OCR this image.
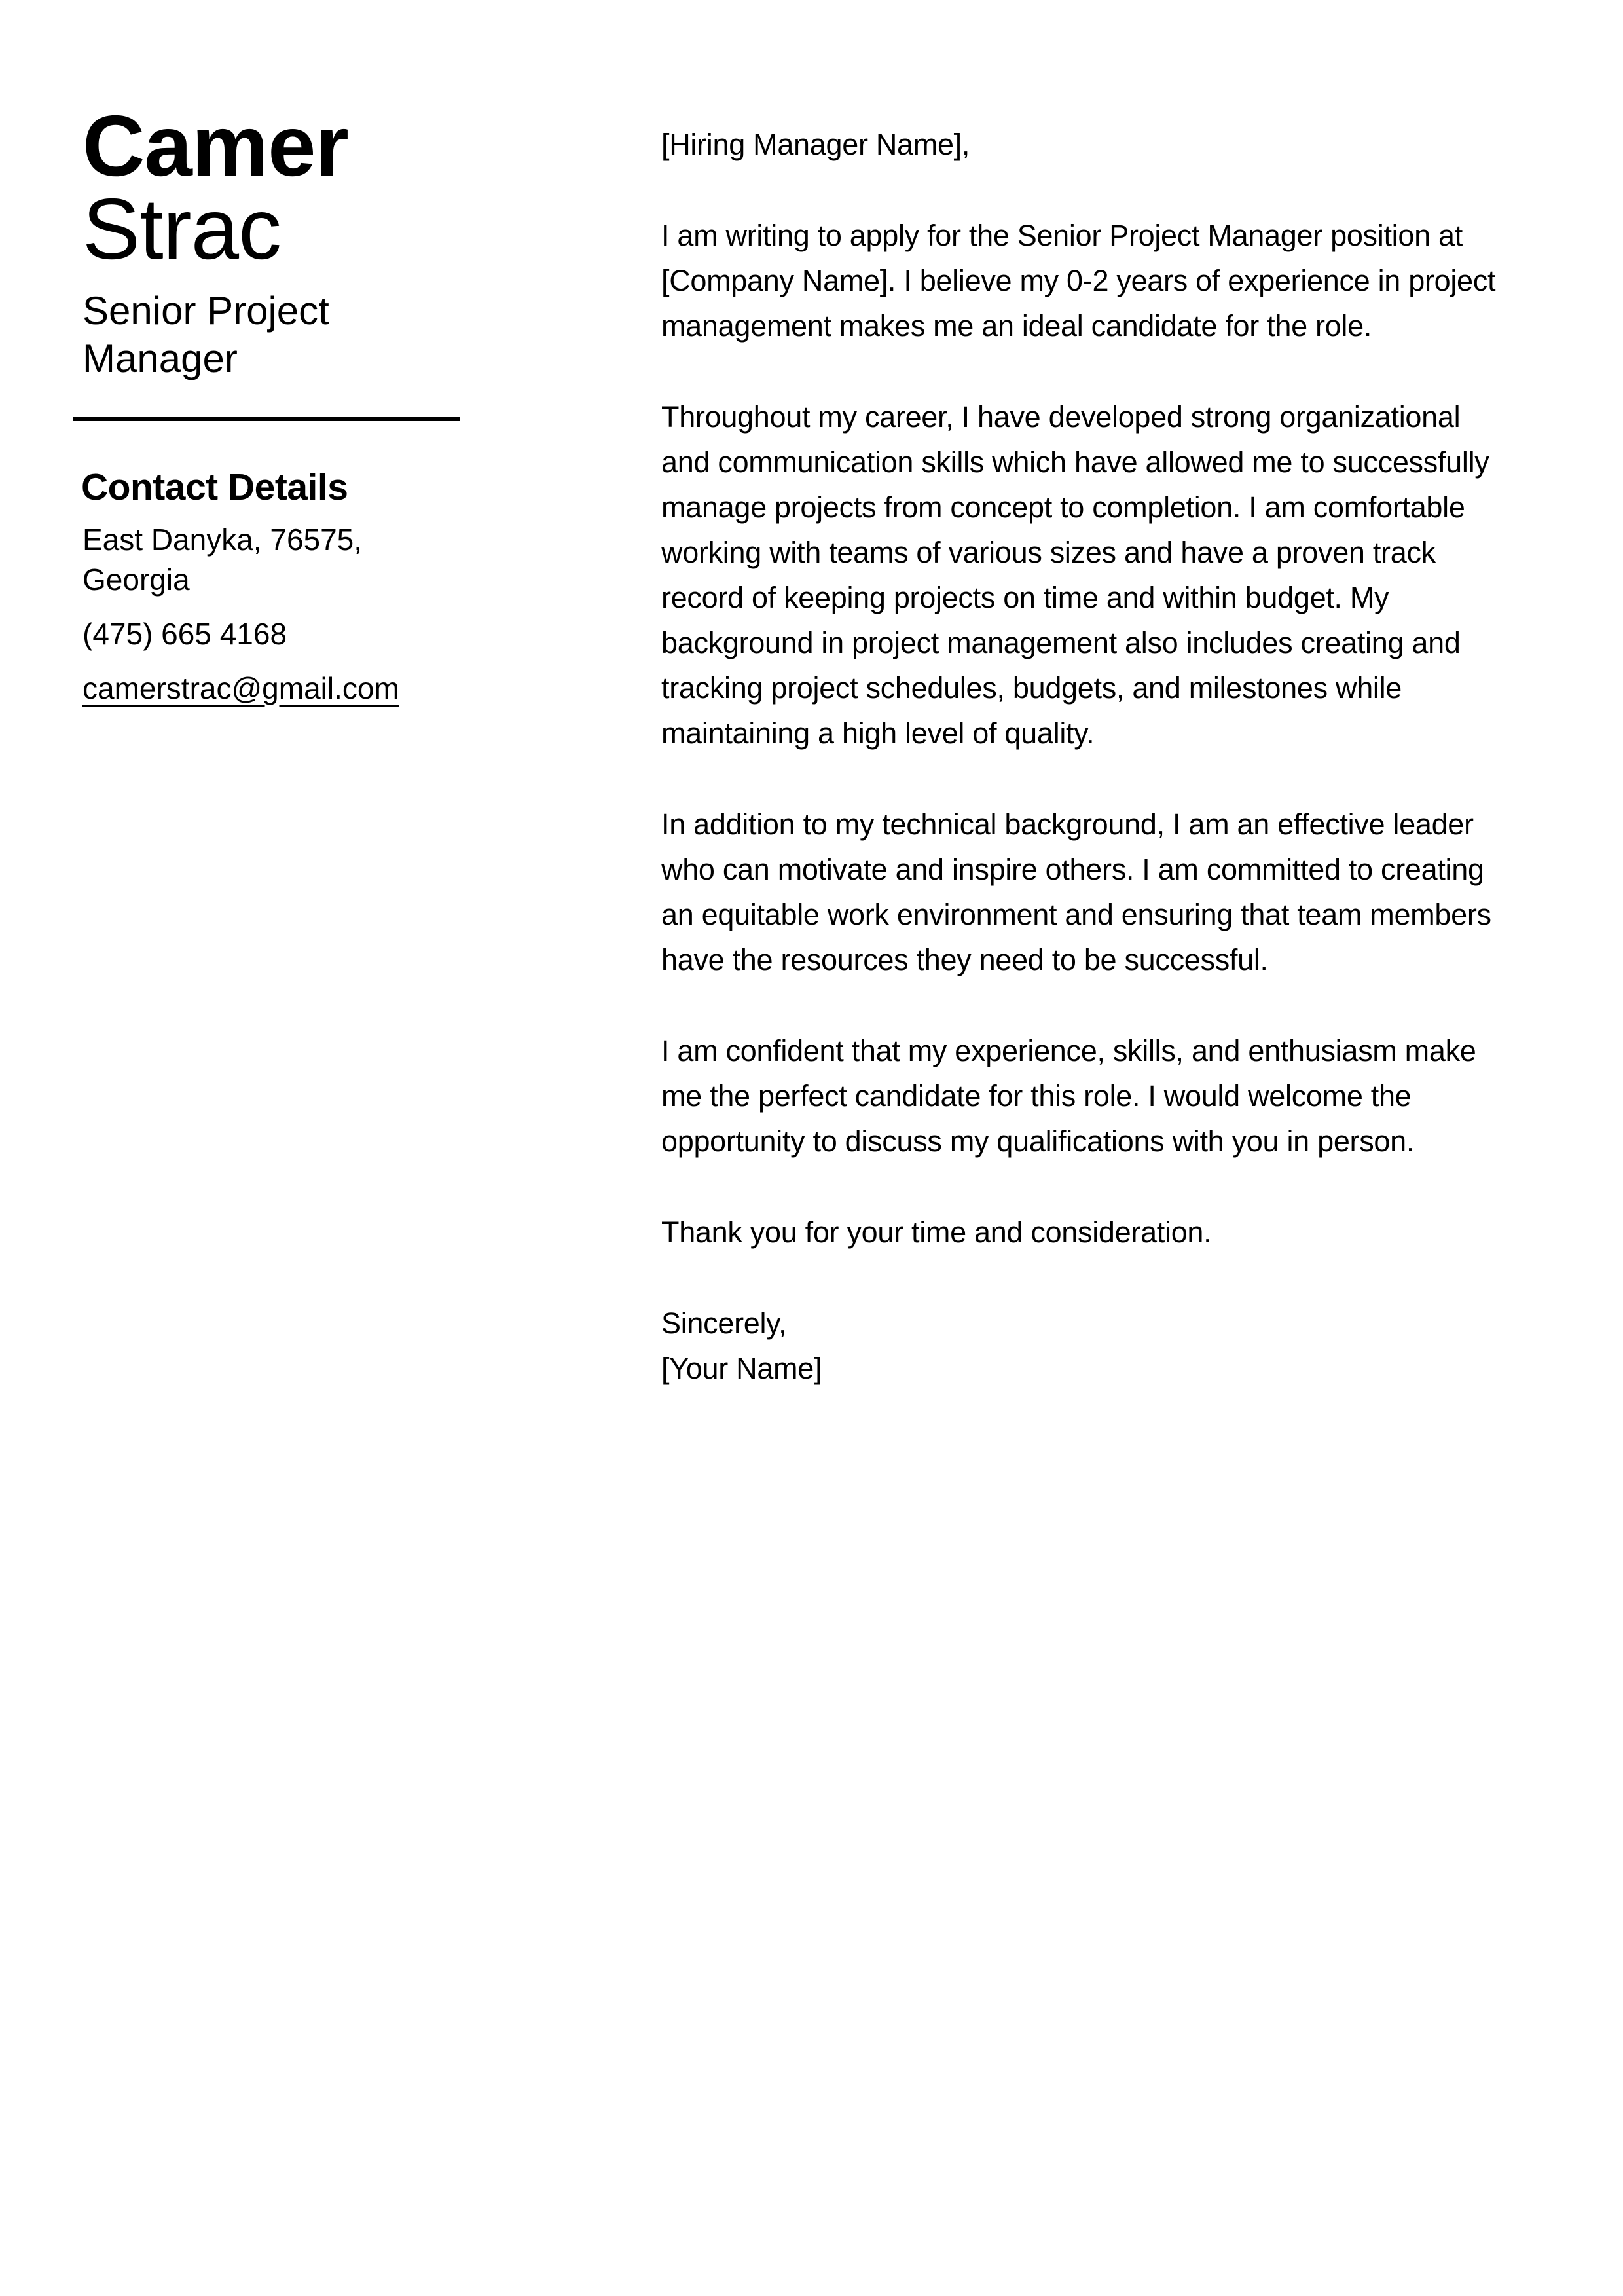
Camer
Strac
Senior Project Manager
Contact Details
East Danyka, 76575,
Georgia
(475) 665 4168
camerstrac@gmail.com

[Hiring Manager Name],

I am writing to apply for the Senior Project Manager position at [Company Name]. I believe my 0-2 years of experience in project management makes me an ideal candidate for the role.

Throughout my career, I have developed strong organizational and communication skills which have allowed me to successfully manage projects from concept to completion. I am comfortable working with teams of various sizes and have a proven track record of keeping projects on time and within budget. My background in project management also includes creating and tracking project schedules, budgets, and milestones while maintaining a high level of quality.

In addition to my technical background, I am an effective leader who can motivate and inspire others. I am committed to creating an equitable work environment and ensuring that team members have the resources they need to be successful.

I am confident that my experience, skills, and enthusiasm make me the perfect candidate for this role. I would welcome the opportunity to discuss my qualifications with you in person.

Thank you for your time and consideration.

Sincerely,
[Your Name]
